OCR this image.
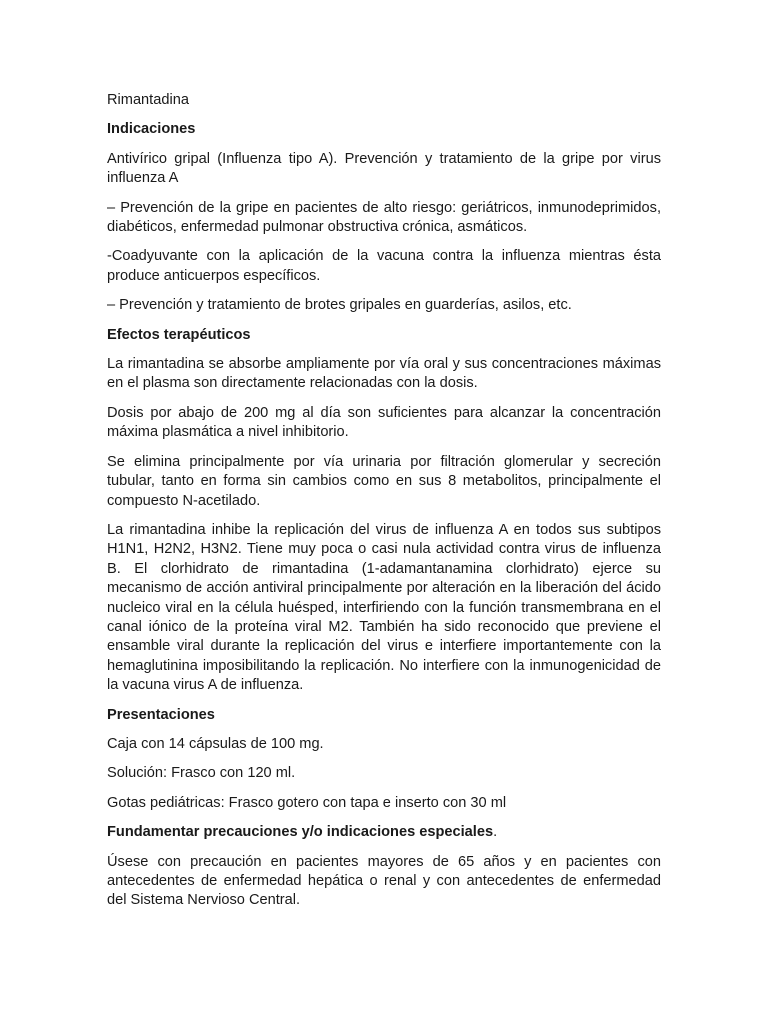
Rimantadina

Indicaciones

Antivírico gripal (Influenza tipo A). Prevención y tratamiento de la gripe por virus influenza A

– Prevención de la gripe en pacientes de alto riesgo: geriátricos, inmunodeprimidos, diabéticos, enfermedad pulmonar obstructiva crónica, asmáticos.

-Coadyuvante con la aplicación de la vacuna contra la influenza mientras ésta produce anticuerpos específicos.

– Prevención y tratamiento de brotes gripales en guarderías, asilos, etc.

Efectos terapéuticos

La rimantadina se absorbe ampliamente por vía oral y sus concentraciones máximas en el plasma son directamente relacionadas con la dosis.

Dosis por abajo de 200 mg al día son suficientes para alcanzar la concentración máxima plasmática a nivel inhibitorio.

Se elimina principalmente por vía urinaria por filtración glomerular y secreción tubular, tanto en forma sin cambios como en sus 8 metabolitos, principalmente el compuesto N-acetilado.

La rimantadina inhibe la replicación del virus de influenza A en todos sus subtipos H1N1, H2N2, H3N2. Tiene muy poca o casi nula actividad contra virus de influenza B. El clorhidrato de rimantadina (1-adamantanamina clorhidrato) ejerce su mecanismo de acción antiviral principalmente por alteración en la liberación del ácido nucleico viral en la célula huésped, interfiriendo con la función transmembrana en el canal iónico de la proteína viral M2. También ha sido reconocido que previene el ensamble viral durante la replicación del virus e interfiere importantemente con la hemaglutinina imposibilitando la replicación. No interfiere con la inmunogenicidad de la vacuna virus A de influenza.

Presentaciones

Caja con 14 cápsulas de 100 mg.

Solución: Frasco con 120 ml.

Gotas pediátricas: Frasco gotero con tapa e inserto con 30 ml

Fundamentar precauciones y/o indicaciones especiales.

Úsese con precaución en pacientes mayores de 65 años y en pacientes con antecedentes de enfermedad hepática o renal y con antecedentes de enfermedad del Sistema Nervioso Central.
